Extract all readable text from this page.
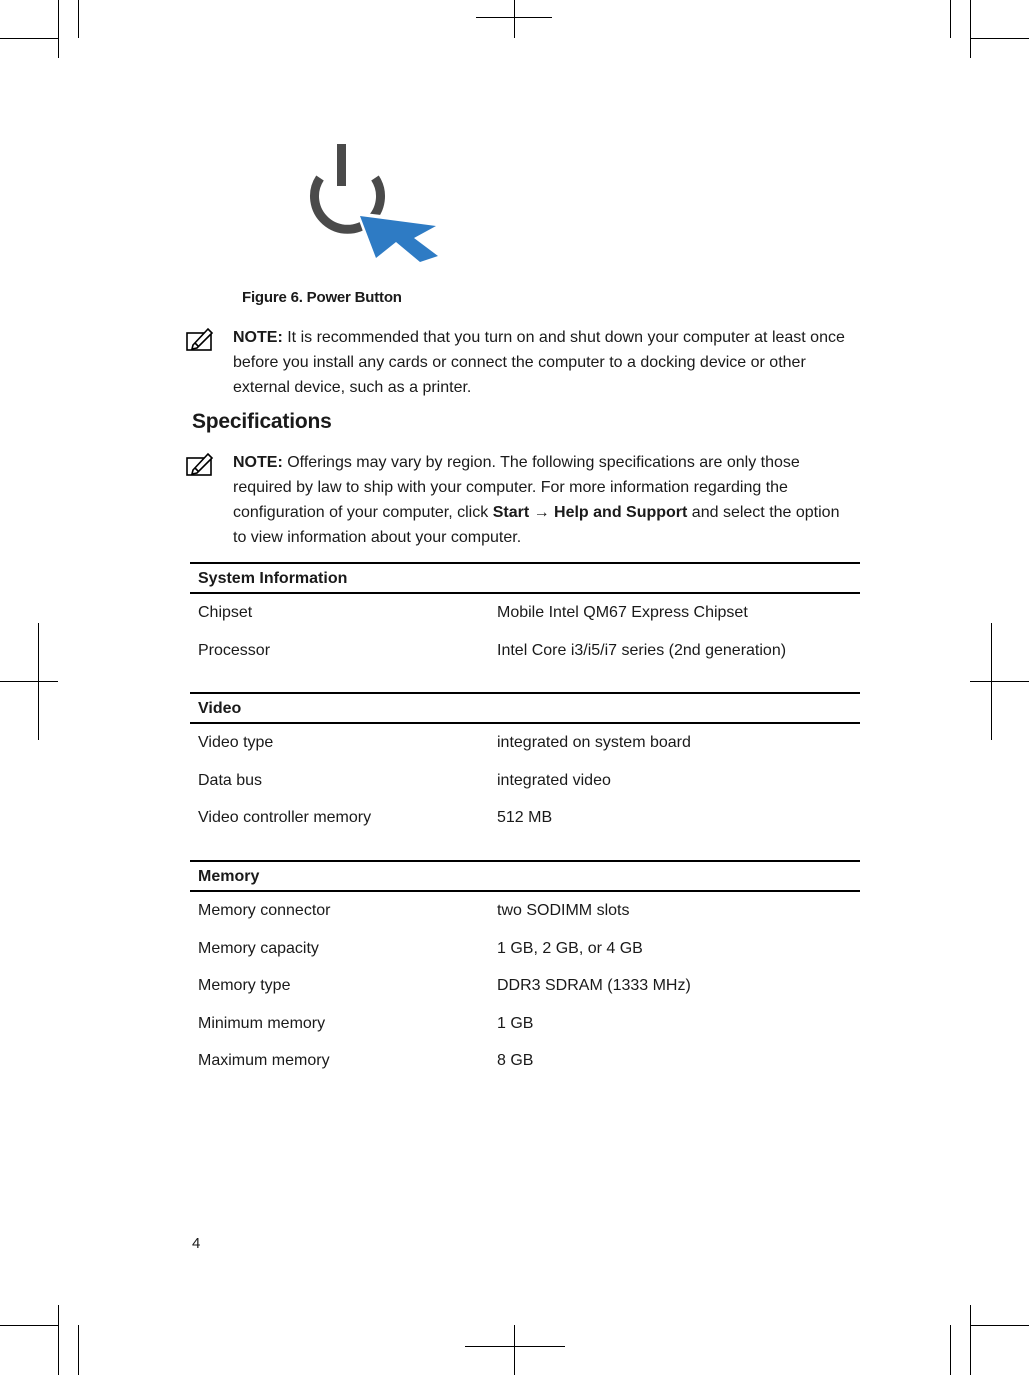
Figure 6. Power Button
NOTE: It is recommended that you turn on and shut down your computer at least once before you install any cards or connect the computer to a docking device or other external device, such as a printer.
Specifications
NOTE: Offerings may vary by region. The following specifications are only those required by law to ship with your computer. For more information regarding the configuration of your computer, click Start → Help and Support and select the option to view information about your computer.
System Information
Chipset	Mobile Intel QM67 Express Chipset
Processor	Intel Core i3/i5/i7 series (2nd generation)
Video
Video type	integrated on system board
Data bus	integrated video
Video controller memory	512 MB
Memory
Memory connector	two SODIMM slots
Memory capacity	1 GB, 2 GB, or 4 GB
Memory type	DDR3 SDRAM (1333 MHz)
Minimum memory	1 GB
Maximum memory	8 GB
4
